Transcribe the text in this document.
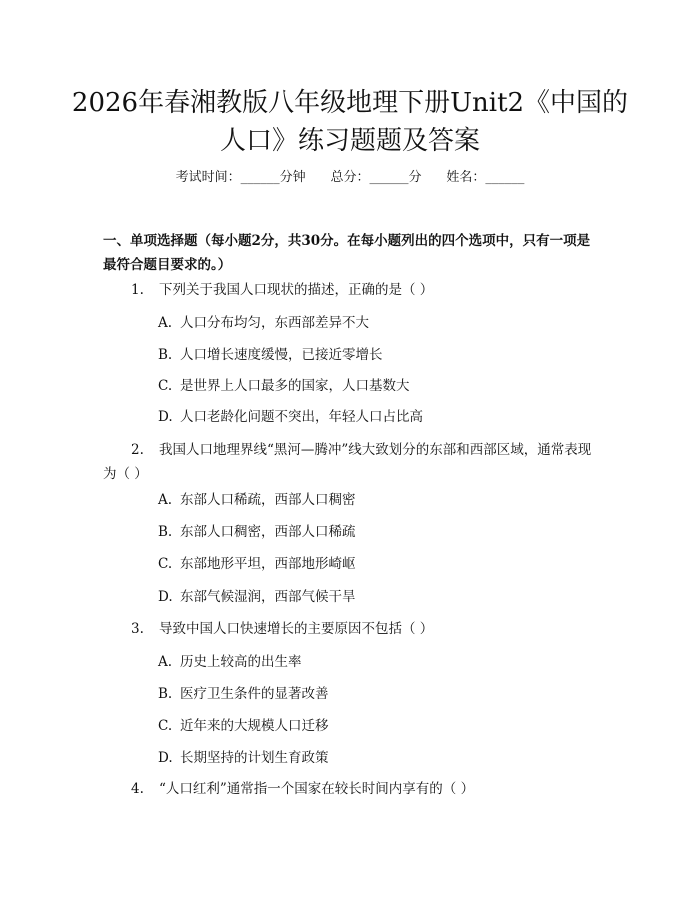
2026年春湘教版八年级地理下册Unit2《中国的人口》练习题题及答案
考试时间：______分钟 总分：______分 姓名：______
一、单项选择题（每小题2分，共30分。在每小题列出的四个选项中，只有一项是最符合题目要求的。）
1. 下列关于我国人口现状的描述，正确的是（ ）
A. 人口分布均匀，东西部差异不大
B. 人口增长速度缓慢，已接近零增长
C. 是世界上人口最多的国家，人口基数大
D. 人口老龄化问题不突出，年轻人口占比高
2. 我国人口地理界线“黑河—腾冲”线大致划分的东部和西部区域，通常表现为（ ）
A. 东部人口稀疏，西部人口稠密
B. 东部人口稠密，西部人口稀疏
C. 东部地形平坦，西部地形崎岖
D. 东部气候湿润，西部气候干旱
3. 导致中国人口快速增长的主要原因不包括（ ）
A. 历史上较高的出生率
B. 医疗卫生条件的显著改善
C. 近年来的大规模人口迁移
D. 长期坚持的计划生育政策
4. “人口红利”通常指一个国家在较长时间内享有的（ ）
